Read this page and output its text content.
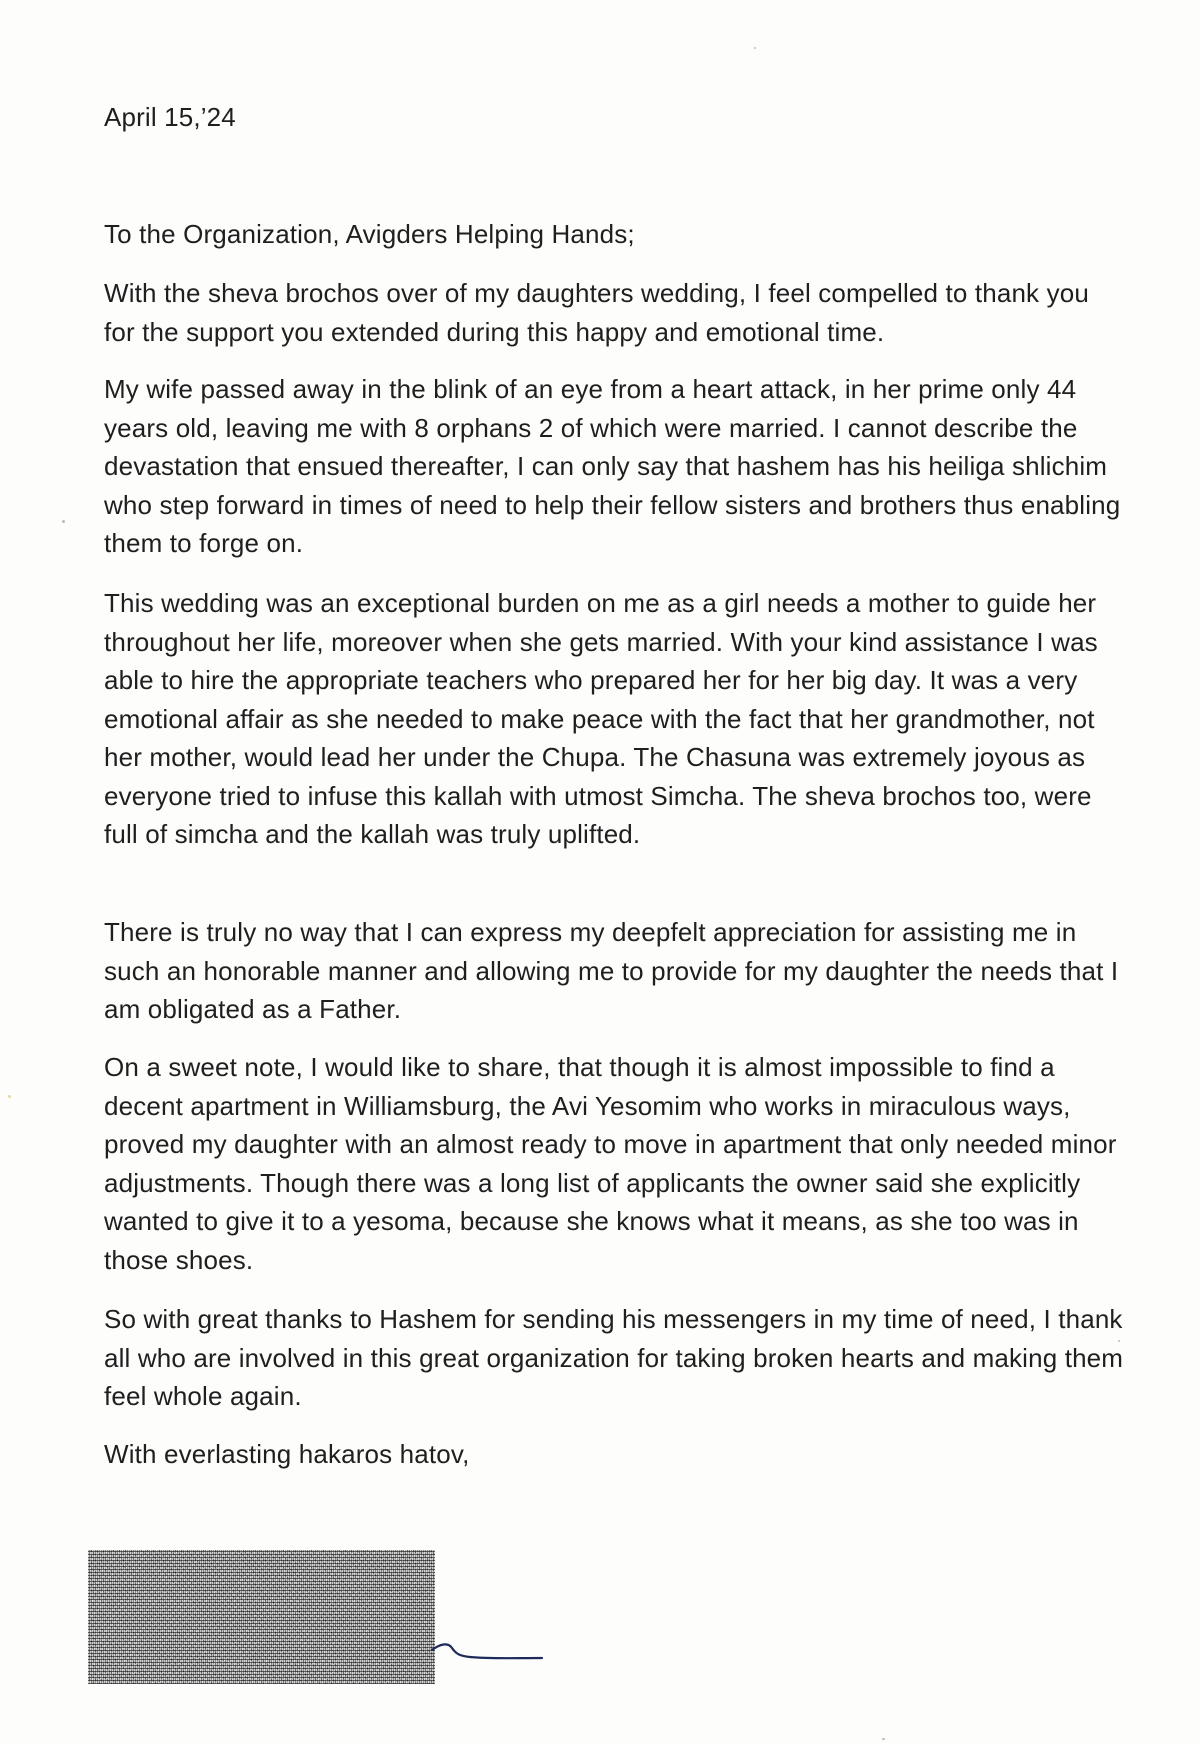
April 15,’24

To the Organization, Avigders Helping Hands;

With the sheva brochos over of my daughters wedding, I feel compelled to thank you for the support you extended during this happy and emotional time.

My wife passed away in the blink of an eye from a heart attack, in her prime only 44 years old, leaving me with 8 orphans 2 of which were married. I cannot describe the devastation that ensued thereafter, I can only say that hashem has his heiliga shlichim who step forward in times of need to help their fellow sisters and brothers thus enabling them to forge on.

This wedding was an exceptional burden on me as a girl needs a mother to guide her throughout her life, moreover when she gets married. With your kind assistance I was able to hire the appropriate teachers who prepared her for her big day. It was a very emotional affair as she needed to make peace with the fact that her grandmother, not her mother, would lead her under the Chupa. The Chasuna was extremely joyous as everyone tried to infuse this kallah with utmost Simcha. The sheva brochos too, were full of simcha and the kallah was truly uplifted.

There is truly no way that I can express my deepfelt appreciation for assisting me in such an honorable manner and allowing me to provide for my daughter the needs that I am obligated as a Father.

On a sweet note, I would like to share, that though it is almost impossible to find a decent apartment in Williamsburg, the Avi Yesomim who works in miraculous ways, proved my daughter with an almost ready to move in apartment that only needed minor adjustments. Though there was a long list of applicants the owner said she explicitly wanted to give it to a yesoma, because she knows what it means, as she too was in those shoes.

So with great thanks to Hashem for sending his messengers in my time of need, I thank all who are involved in this great organization for taking broken hearts and making them feel whole again.

With everlasting hakaros hatov,
